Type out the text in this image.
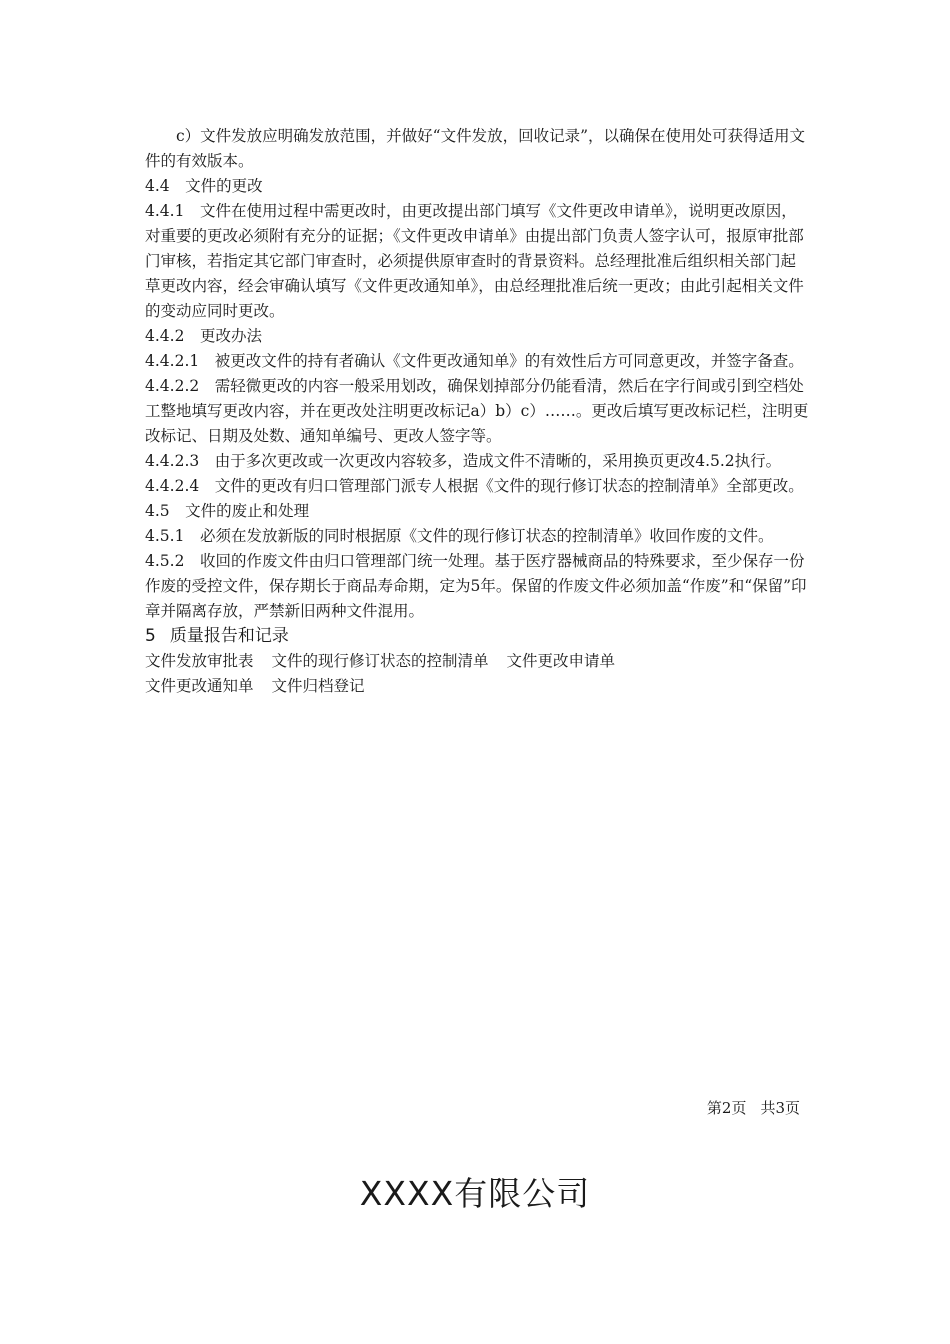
c）文件发放应明确发放范围，并做好“文件发放，回收记录”，以确保在使用处可获得适用文件的有效版本。

4.4　文件的更改

4.4.1　文件在使用过程中需更改时，由更改提出部门填写《文件更改申请单》，说明更改原因，对重要的更改必须附有充分的证据；《文件更改申请单》由提出部门负责人签字认可，报原审批部门审核，若指定其它部门审查时，必须提供原审查时的背景资料。总经理批准后组织相关部门起草更改内容，经会审确认填写《文件更改通知单》，由总经理批准后统一更改；由此引起相关文件的变动应同时更改。

4.4.2　更改办法

4.4.2.1　被更改文件的持有者确认《文件更改通知单》的有效性后方可同意更改，并签字备查。

4.4.2.2　需轻微更改的内容一般采用划改，确保划掉部分仍能看清，然后在字行间或引到空档处工整地填写更改内容，并在更改处注明更改标记a）b）c）……。更改后填写更改标记栏，注明更改标记、日期及处数、通知单编号、更改人签字等。

4.4.2.3　由于多次更改或一次更改内容较多，造成文件不清晰的，采用换页更改4.5.2执行。

4.4.2.4　文件的更改有归口管理部门派专人根据《文件的现行修订状态的控制清单》全部更改。

4.5　文件的废止和处理

4.5.1　必须在发放新版的同时根据原《文件的现行修订状态的控制清单》收回作废的文件。

4.5.2　收回的作废文件由归口管理部门统一处理。基于医疗器械商品的特殊要求，至少保存一份作废的受控文件，保存期长于商品寿命期，定为5年。保留的作废文件必须加盖“作废”和“保留”印章并隔离存放，严禁新旧两种文件混用。

5 质量报告和记录
文件发放审批表 文件的现行修订状态的控制清单 文件更改申请单
文件更改通知单 文件归档登记
第2页 共3页
XXXX有限公司
